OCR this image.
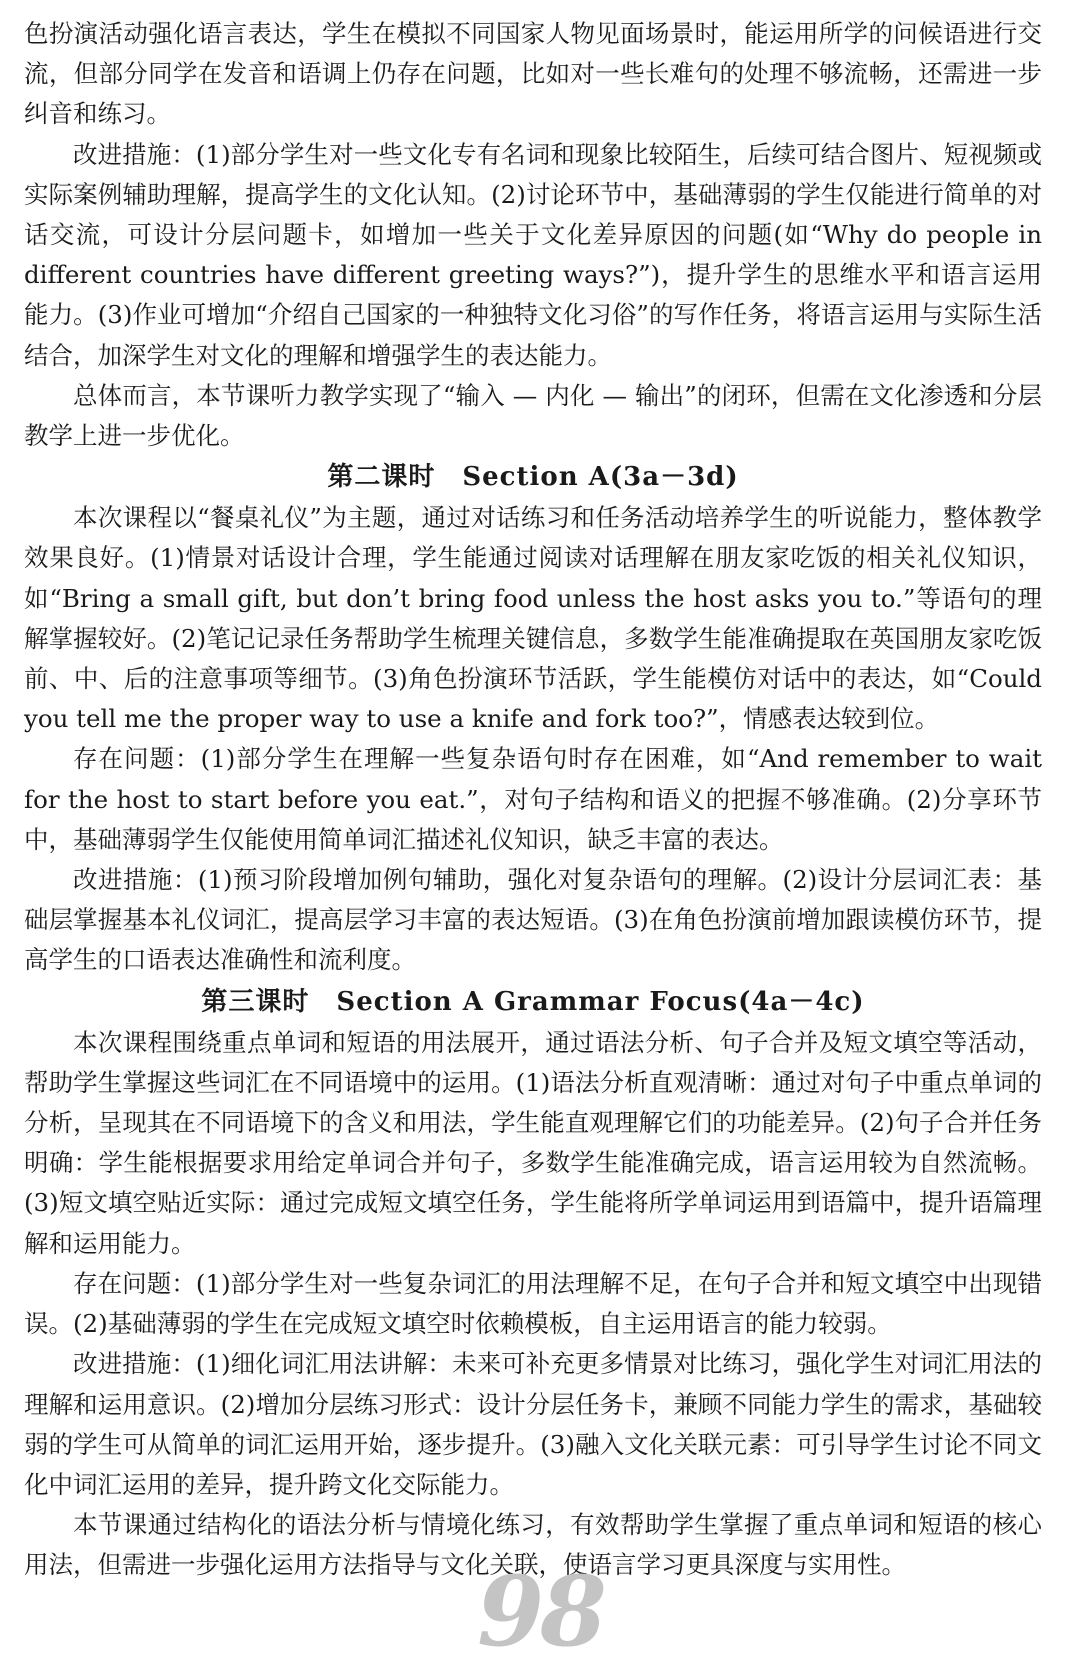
色扮演活动强化语言表达，学生在模拟不同国家人物见面场景时，能运用所学的问候语进行交流，但部分同学在发音和语调上仍存在问题，比如对一些长难句的处理不够流畅，还需进一步纠音和练习。

改进措施：(1)部分学生对一些文化专有名词和现象比较陌生，后续可结合图片、短视频或实际案例辅助理解，提高学生的文化认知。(2)讨论环节中，基础薄弱的学生仅能进行简单的对话交流，可设计分层问题卡，如增加一些关于文化差异原因的问题(如“Why do people in different countries have different greeting ways?”)，提升学生的思维水平和语言运用能力。(3)作业可增加“介绍自己国家的一种独特文化习俗”的写作任务，将语言运用与实际生活结合，加深学生对文化的理解和增强学生的表达能力。

总体而言，本节课听力教学实现了“输入 — 内化 — 输出”的闭环，但需在文化渗透和分层教学上进一步优化。

第二课时　Section A(3a－3d)

本次课程以“餐桌礼仪”为主题，通过对话练习和任务活动培养学生的听说能力，整体教学效果良好。(1)情景对话设计合理，学生能通过阅读对话理解在朋友家吃饭的相关礼仪知识，如“Bring a small gift, but don’t bring food unless the host asks you to.”等语句的理解掌握较好。(2)笔记记录任务帮助学生梳理关键信息，多数学生能准确提取在英国朋友家吃饭前、中、后的注意事项等细节。(3)角色扮演环节活跃，学生能模仿对话中的表达，如“Could you tell me the proper way to use a knife and fork too?”，情感表达较到位。

存在问题：(1)部分学生在理解一些复杂语句时存在困难，如“And remember to wait for the host to start before you eat.”，对句子结构和语义的把握不够准确。(2)分享环节中，基础薄弱学生仅能使用简单词汇描述礼仪知识，缺乏丰富的表达。

改进措施：(1)预习阶段增加例句辅助，强化对复杂语句的理解。(2)设计分层词汇表：基础层掌握基本礼仪词汇，提高层学习丰富的表达短语。(3)在角色扮演前增加跟读模仿环节，提高学生的口语表达准确性和流利度。

第三课时　Section A Grammar Focus(4a－4c)

本次课程围绕重点单词和短语的用法展开，通过语法分析、句子合并及短文填空等活动，帮助学生掌握这些词汇在不同语境中的运用。(1)语法分析直观清晰：通过对句子中重点单词的分析，呈现其在不同语境下的含义和用法，学生能直观理解它们的功能差异。(2)句子合并任务明确：学生能根据要求用给定单词合并句子，多数学生能准确完成，语言运用较为自然流畅。(3)短文填空贴近实际：通过完成短文填空任务，学生能将所学单词运用到语篇中，提升语篇理解和运用能力。

存在问题：(1)部分学生对一些复杂词汇的用法理解不足，在句子合并和短文填空中出现错误。(2)基础薄弱的学生在完成短文填空时依赖模板，自主运用语言的能力较弱。

改进措施：(1)细化词汇用法讲解：未来可补充更多情景对比练习，强化学生对词汇用法的理解和运用意识。(2)增加分层练习形式：设计分层任务卡，兼顾不同能力学生的需求，基础较弱的学生可从简单的词汇运用开始，逐步提升。(3)融入文化关联元素：可引导学生讨论不同文化中词汇运用的差异，提升跨文化交际能力。

本节课通过结构化的语法分析与情境化练习，有效帮助学生掌握了重点单词和短语的核心用法，但需进一步强化运用方法指导与文化关联，使语言学习更具深度与实用性。

98
